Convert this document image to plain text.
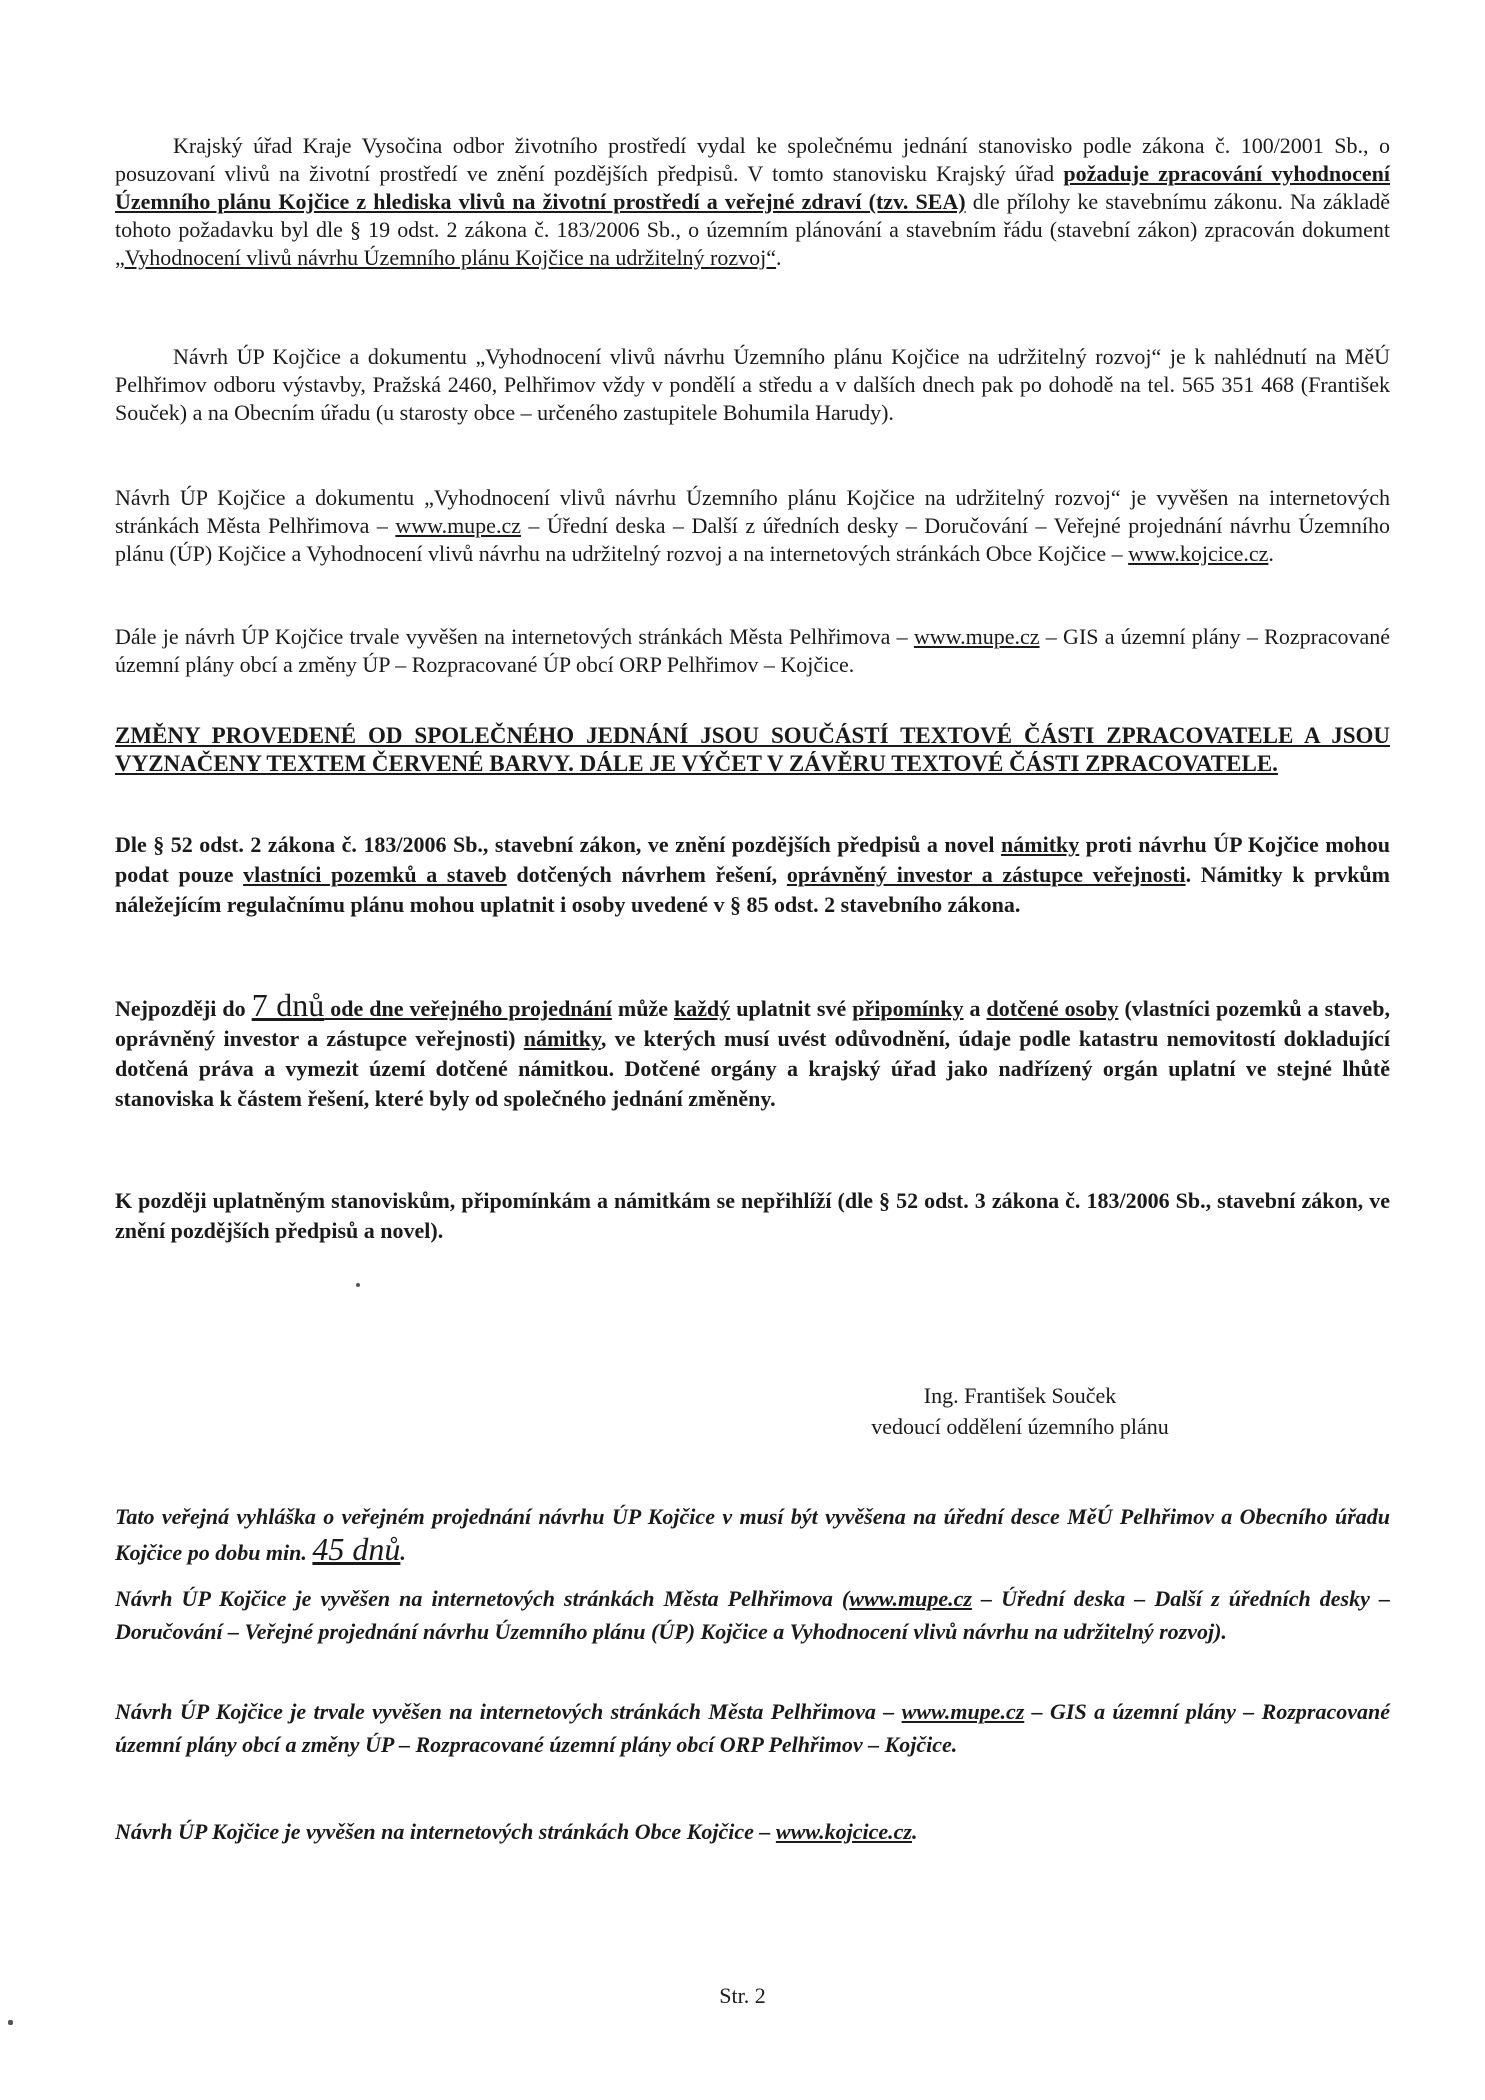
Krajský úřad Kraje Vysočina odbor životního prostředí vydal ke společnému jednání stanovisko podle zákona č. 100/2001 Sb., o posuzovaní vlivů na životní prostředí ve znění pozdějších předpisů. V tomto stanovisku Krajský úřad požaduje zpracování vyhodnocení Územního plánu Kojčice z hlediska vlivů na životní prostředí a veřejné zdraví (tzv. SEA) dle přílohy ke stavebnímu zákonu. Na základě tohoto požadavku byl dle § 19 odst. 2 zákona č. 183/2006 Sb., o územním plánování a stavebním řádu (stavební zákon) zpracován dokument „Vyhodnocení vlivů návrhu Územního plánu Kojčice na udržitelný rozvoj“.

Návrh ÚP Kojčice a dokumentu „Vyhodnocení vlivů návrhu Územního plánu Kojčice na udržitelný rozvoj“ je k nahlédnutí na MěÚ Pelhřimov odboru výstavby, Pražská 2460, Pelhřimov vždy v pondělí a středu a v dalších dnech pak po dohodě na tel. 565 351 468 (František Souček) a na Obecním úřadu (u starosty obce – určeného zastupitele Bohumila Harudy).

Návrh ÚP Kojčice a dokumentu „Vyhodnocení vlivů návrhu Územního plánu Kojčice na udržitelný rozvoj“ je vyvěšen na internetových stránkách Města Pelhřimova – www.mupe.cz – Úřední deska – Další z úředních desky – Doručování – Veřejné projednání návrhu Územního plánu (ÚP) Kojčice a Vyhodnocení vlivů návrhu na udržitelný rozvoj a na internetových stránkách Obce Kojčice – www.kojcice.cz.

Dále je návrh ÚP Kojčice trvale vyvěšen na internetových stránkách Města Pelhřimova – www.mupe.cz – GIS a územní plány – Rozpracované územní plány obcí a změny ÚP – Rozpracované ÚP obcí ORP Pelhřimov – Kojčice.

ZMĚNY PROVEDENÉ OD SPOLEČNÉHO JEDNÁNÍ JSOU SOUČÁSTÍ TEXTOVÉ ČÁSTI ZPRACOVATELE A JSOU VYZNAČENY TEXTEM ČERVENÉ BARVY. DÁLE JE VÝČET V ZÁVĚRU TEXTOVÉ ČÁSTI ZPRACOVATELE.

Dle § 52 odst. 2 zákona č. 183/2006 Sb., stavební zákon, ve znění pozdějších předpisů a novel námitky proti návrhu ÚP Kojčice mohou podat pouze vlastníci pozemků a staveb dotčených návrhem řešení, oprávněný investor a zástupce veřejnosti. Námitky k prvkům náležejícím regulačnímu plánu mohou uplatnit i osoby uvedené v § 85 odst. 2 stavebního zákona.

Nejpozději do 7 dnů ode dne veřejného projednání může každý uplatnit své připomínky a dotčené osoby (vlastníci pozemků a staveb, oprávněný investor a zástupce veřejnosti) námitky, ve kterých musí uvést odůvodnění, údaje podle katastru nemovitostí dokladující dotčená práva a vymezit území dotčené námitkou. Dotčené orgány a krajský úřad jako nadřízený orgán uplatní ve stejné lhůtě stanoviska k částem řešení, které byly od společného jednání změněny.

K později uplatněným stanoviskům, připomínkám a námitkám se nepřihlíží (dle § 52 odst. 3 zákona č. 183/2006 Sb., stavební zákon, ve znění pozdějších předpisů a novel).

Ing. František Souček
vedoucí oddělení územního plánu

Tato veřejná vyhláška o veřejném projednání návrhu ÚP Kojčice v musí být vyvěšena na úřední desce MěÚ Pelhřimov a Obecního úřadu Kojčice po dobu min. 45 dnů.

Návrh ÚP Kojčice je vyvěšen na internetových stránkách Města Pelhřimova (www.mupe.cz – Úřední deska – Další z úředních desky – Doručování – Veřejné projednání návrhu Územního plánu (ÚP) Kojčice a Vyhodnocení vlivů návrhu na udržitelný rozvoj).

Návrh ÚP Kojčice je trvale vyvěšen na internetových stránkách Města Pelhřimova – www.mupe.cz – GIS a územní plány – Rozpracované územní plány obcí a změny ÚP – Rozpracované územní plány obcí ORP Pelhřimov – Kojčice.

Návrh ÚP Kojčice je vyvěšen na internetových stránkách Obce Kojčice – www.kojcice.cz.

Str. 2
